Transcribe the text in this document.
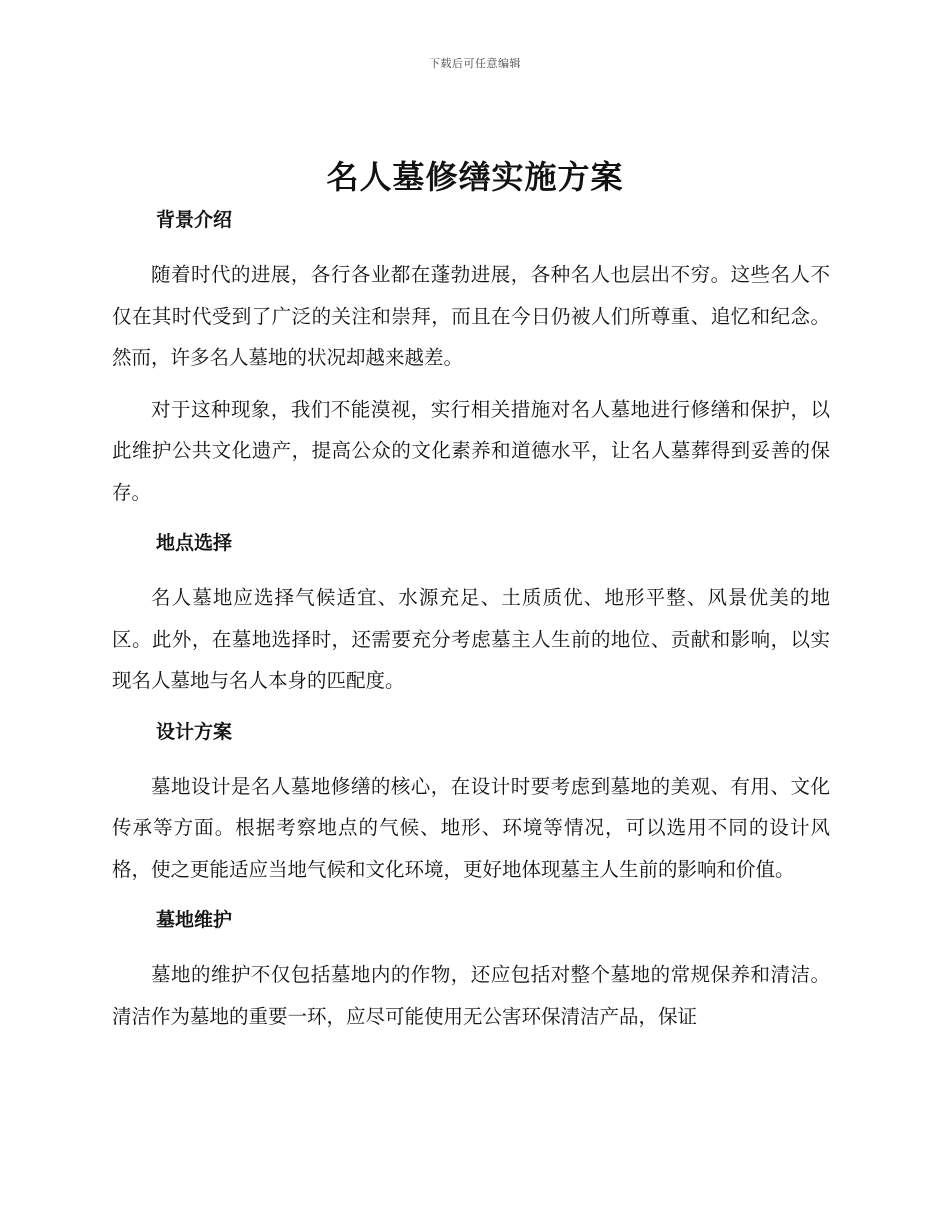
下载后可任意编辑
名人墓修缮实施方案
背景介绍

随着时代的进展，各行各业都在蓬勃进展，各种名人也层出不穷。这些名人不仅在其时代受到了广泛的关注和崇拜，而且在今日仍被人们所尊重、追忆和纪念。然而，许多名人墓地的状况却越来越差。

对于这种现象，我们不能漠视，实行相关措施对名人墓地进行修缮和保护，以此维护公共文化遗产，提高公众的文化素养和道德水平，让名人墓葬得到妥善的保存。

地点选择

名人墓地应选择气候适宜、水源充足、土质质优、地形平整、风景优美的地区。此外，在墓地选择时，还需要充分考虑墓主人生前的地位、贡献和影响，以实现名人墓地与名人本身的匹配度。

设计方案

墓地设计是名人墓地修缮的核心，在设计时要考虑到墓地的美观、有用、文化传承等方面。根据考察地点的气候、地形、环境等情况，可以选用不同的设计风格，使之更能适应当地气候和文化环境，更好地体现墓主人生前的影响和价值。

墓地维护

墓地的维护不仅包括墓地内的作物，还应包括对整个墓地的常规保养和清洁。清洁作为墓地的重要一环，应尽可能使用无公害环保清洁产品，保证
